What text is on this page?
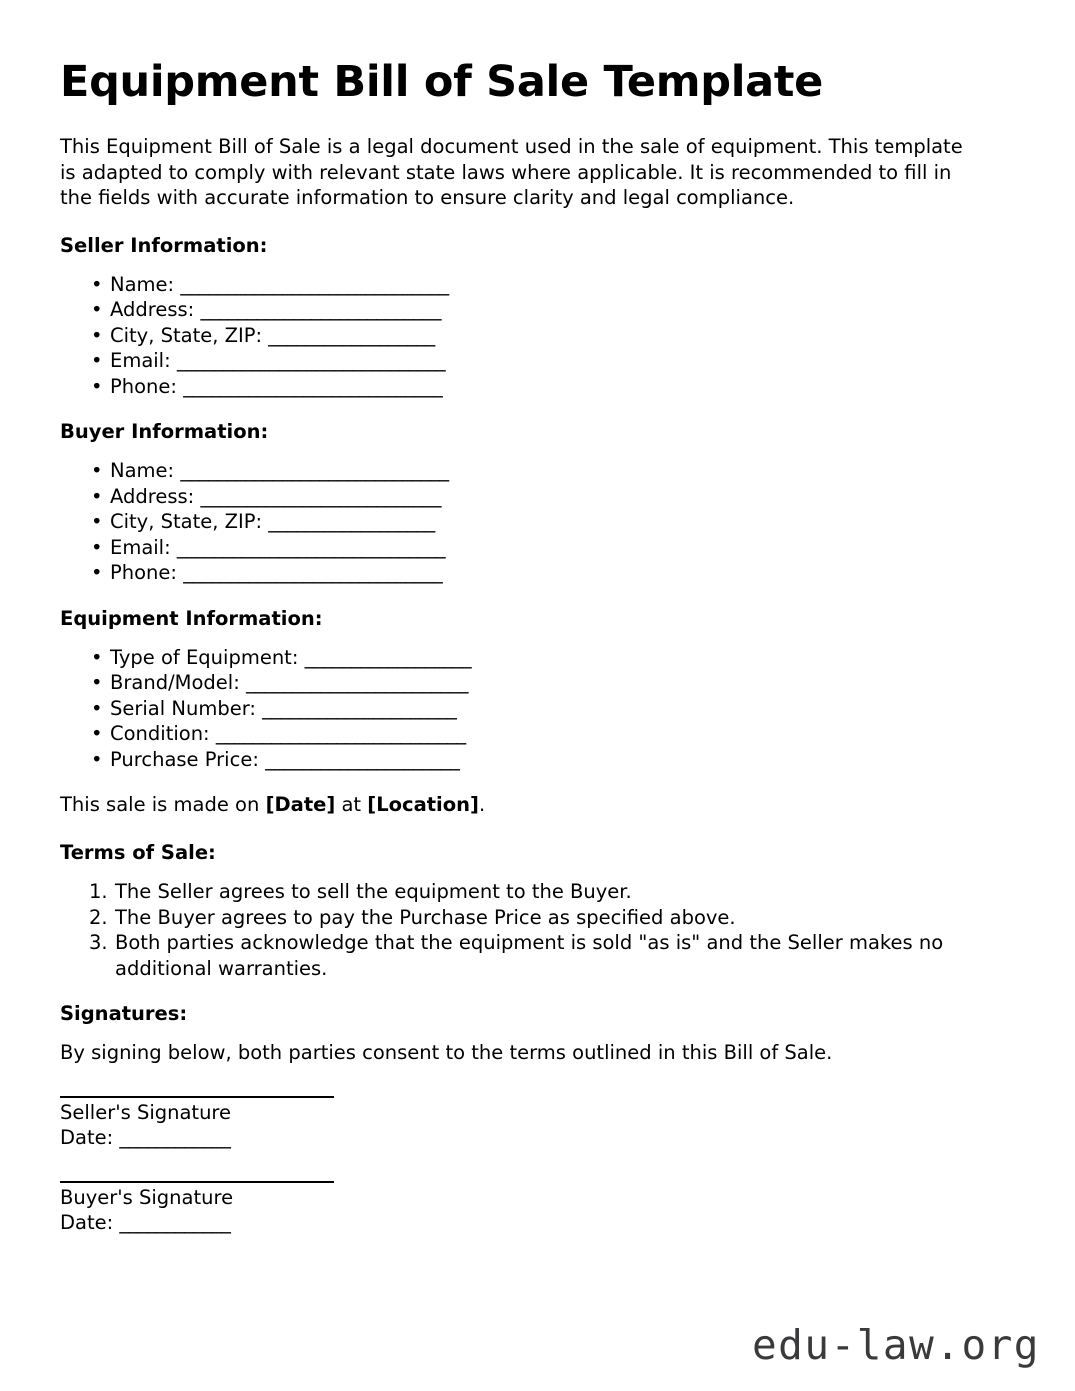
Equipment Bill of Sale Template

This Equipment Bill of Sale is a legal document used in the sale of equipment. This template is adapted to comply with relevant state laws where applicable. It is recommended to fill in the fields with accurate information to ensure clarity and legal compliance.

Seller Information:
• Name: _____________________________
• Address: __________________________
• City, State, ZIP: __________________
• Email: _____________________________
• Phone: ____________________________
Buyer Information:
• Name: _____________________________
• Address: __________________________
• City, State, ZIP: __________________
• Email: _____________________________
• Phone: ____________________________
Equipment Information:
• Type of Equipment: __________________
• Brand/Model: ________________________
• Serial Number: _____________________
• Condition: ___________________________
• Purchase Price: _____________________

This sale is made on [Date] at [Location].

Terms of Sale:
The Seller agrees to sell the equipment to the Buyer.
The Buyer agrees to pay the Purchase Price as specified above.
Both parties acknowledge that the equipment is sold "as is" and the Seller makes no additional warranties.
Signatures:

By signing below, both parties consent to the terms outlined in this Bill of Sale.

Seller's Signature
Date: ____________
Buyer's Signature
Date: ____________
edu-law.org
